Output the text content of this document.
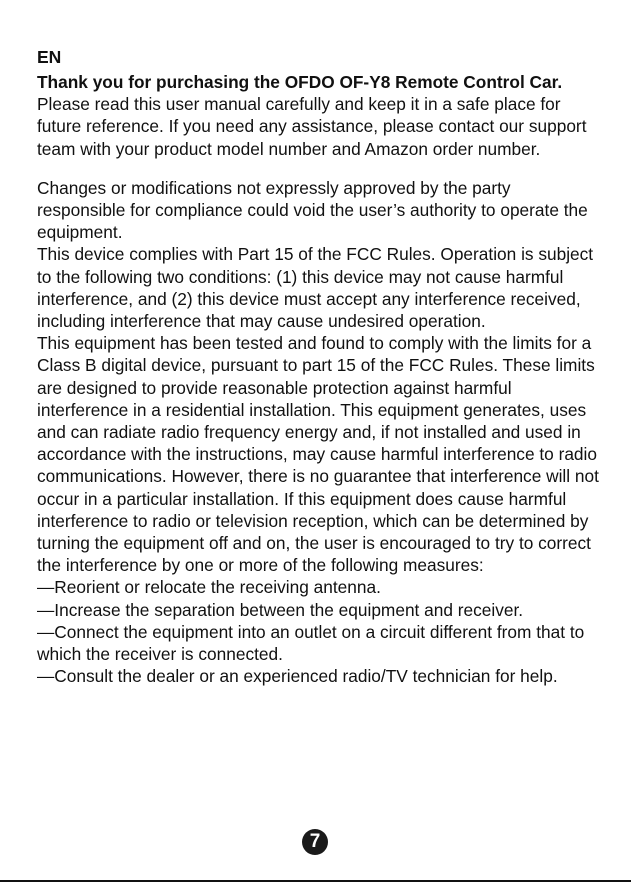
EN

Thank you for purchasing the OFDO OF-Y8 Remote Control Car. Please read this user manual carefully and keep it in a safe place for future reference. If you need any assistance, please contact our support team with your product model number and Amazon order number.

Changes or modifications not expressly approved by the party responsible for compliance could void the user’s authority to operate the equipment.

This device complies with Part 15 of the FCC Rules. Operation is subject to the following two conditions: (1) this device may not cause harmful interference, and (2) this device must accept any interference received, including interference that may cause undesired operation.

This equipment has been tested and found to comply with the limits for a Class B digital device, pursuant to part 15 of the FCC Rules. These limits are designed to provide reasonable protection against harmful interference in a residential installation. This equipment generates, uses and can radiate radio frequency energy and, if not installed and used in accordance with the instructions, may cause harmful interference to radio communications. However, there is no guarantee that interference will not occur in a particular installation. If this equipment does cause harmful interference to radio or television reception, which can be determined by turning the equipment off and on, the user is encouraged to try to correct the interference by one or more of the following measures:

—Reorient or relocate the receiving antenna.

—Increase the separation between the equipment and receiver.

—Connect the equipment into an outlet on a circuit different from that to which the receiver is connected.

—Consult the dealer or an experienced radio/TV technician for help.

7
